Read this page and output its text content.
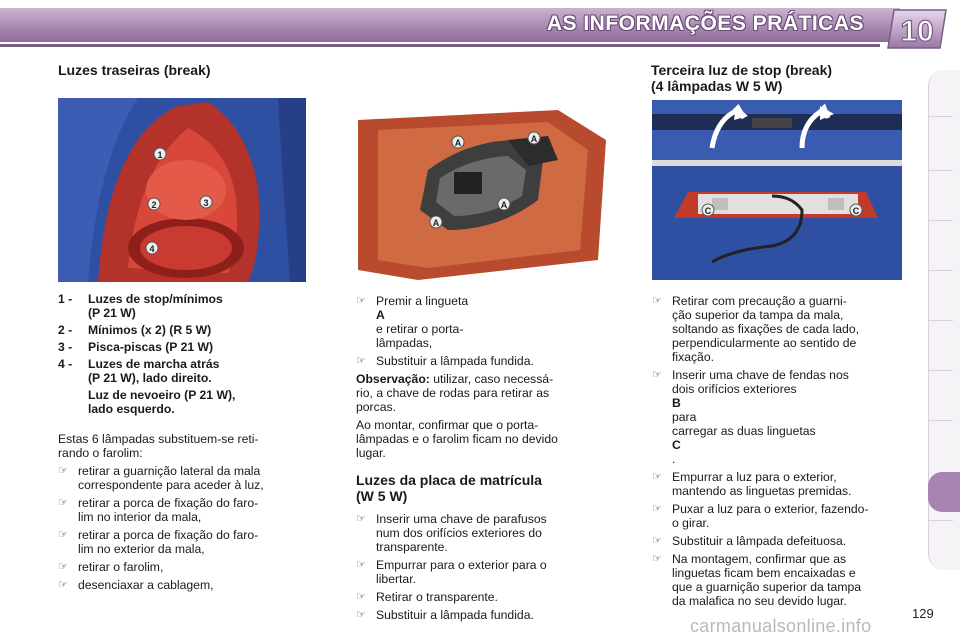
AS INFORMAÇÕES PRÁTICAS 10
Luzes traseiras (break)	Terceira luz de stop (break)
(4 lâmpadas W 5 W)
1
2	3
4
A	A
A
A
C	C
1 -	Luzes de stop/mínimos
(P 21 W)
2 -	Mínimos (x 2) (R 5 W)
3 -	Pisca-piscas (P 21 W)
4 -	Luzes de marcha atrás
(P 21 W), lado direito.
Luz de nevoeiro (P 21 W),
lado esquerdo.

Estas 6 lâmpadas substituem-se reti-
rando o farolim:

☞ retirar a guarnição lateral da mala
correspondente para aceder à luz,
☞ retirar a porca de fixação do faro-
lim no interior da mala,
☞ retirar a porca de fixação do faro-
lim no exterior da mala,
☞ retirar o farolim,
☞ desenciaxar a cablagem,
☞ Premir a lingueta
A
e retirar o porta-
lâmpadas,
☞ Substituir a lâmpada fundida.

Observação: utilizar, caso necessá-
rio, a chave de rodas para retirar as
porcas.

Ao montar, confirmar que o porta-
lâmpadas e o farolim ficam no devido
lugar.

Luzes da placa de matrícula
(W 5 W)
☞ Inserir uma chave de parafusos
num dos orifícios exteriores do
transparente.
☞ Empurrar para o exterior para o
libertar.
☞ Retirar o transparente.
☞ Substituir a lâmpada fundida.
☞ Retirar com precaução a guarni-
ção superior da tampa da mala,
soltando as fixações de cada lado,
perpendicularmente ao sentido de
fixação.
☞ Inserir uma chave de fendas nos
dois orifícios exteriores
B
para
carregar as duas linguetas
C
.
☞ Empurrar a luz para o exterior,
mantendo as linguetas premidas.
☞ Puxar a luz para o exterior, fazendo-
o girar.
☞ Substituir a lâmpada defeituosa.
☞ Na montagem, confirmar que as
linguetas ficam bem encaixadas e
que a guarnição superior da tampa
da malafica no seu devido lugar.
129
carmanualsonline.info
